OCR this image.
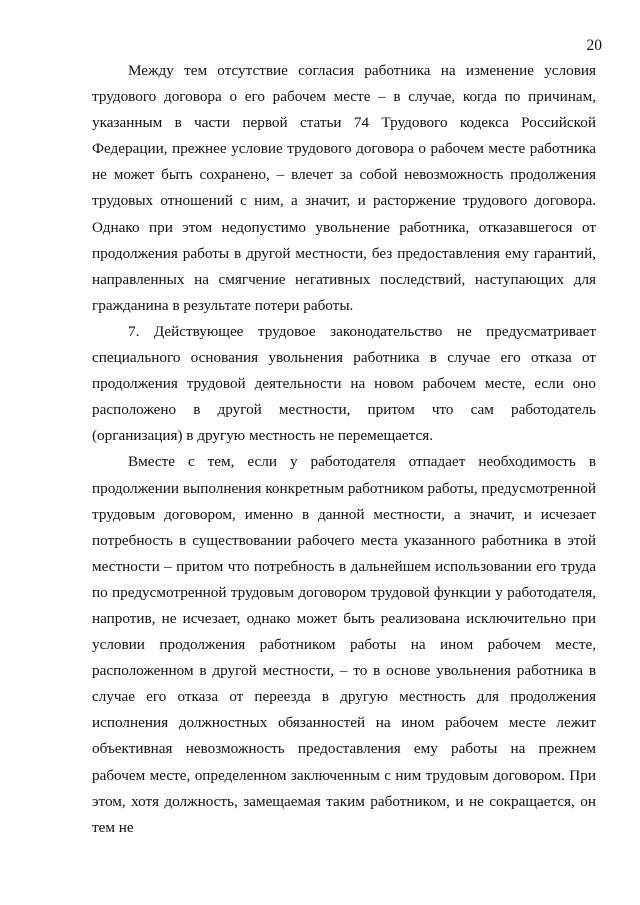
20

Между тем отсутствие согласия работника на изменение условия трудового договора о его рабочем месте – в случае, когда по причинам, указанным в части первой статьи 74 Трудового кодекса Российской Федерации, прежнее условие трудового договора о рабочем месте работника не может быть сохранено, – влечет за собой невозможность продолжения трудовых отношений с ним, а значит, и расторжение трудового договора. Однако при этом недопустимо увольнение работника, отказавшегося от продолжения работы в другой местности, без предоставления ему гарантий, направленных на смягчение негативных последствий, наступающих для гражданина в результате потери работы.

7. Действующее трудовое законодательство не предусматривает специального основания увольнения работника в случае его отказа от продолжения трудовой деятельности на новом рабочем месте, если оно расположено в другой местности, притом что сам работодатель (организация) в другую местность не перемещается.

Вместе с тем, если у работодателя отпадает необходимость в продолжении выполнения конкретным работником работы, предусмотренной трудовым договором, именно в данной местности, а значит, и исчезает потребность в существовании рабочего места указанного работника в этой местности – притом что потребность в дальнейшем использовании его труда по предусмотренной трудовым договором трудовой функции у работодателя, напротив, не исчезает, однако может быть реализована исключительно при условии продолжения работником работы на ином рабочем месте, расположенном в другой местности, – то в основе увольнения работника в случае его отказа от переезда в другую местность для продолжения исполнения должностных обязанностей на ином рабочем месте лежит объективная невозможность предоставления ему работы на прежнем рабочем месте, определенном заключенным с ним трудовым договором. При этом, хотя должность, замещаемая таким работником, и не сокращается, он тем не
